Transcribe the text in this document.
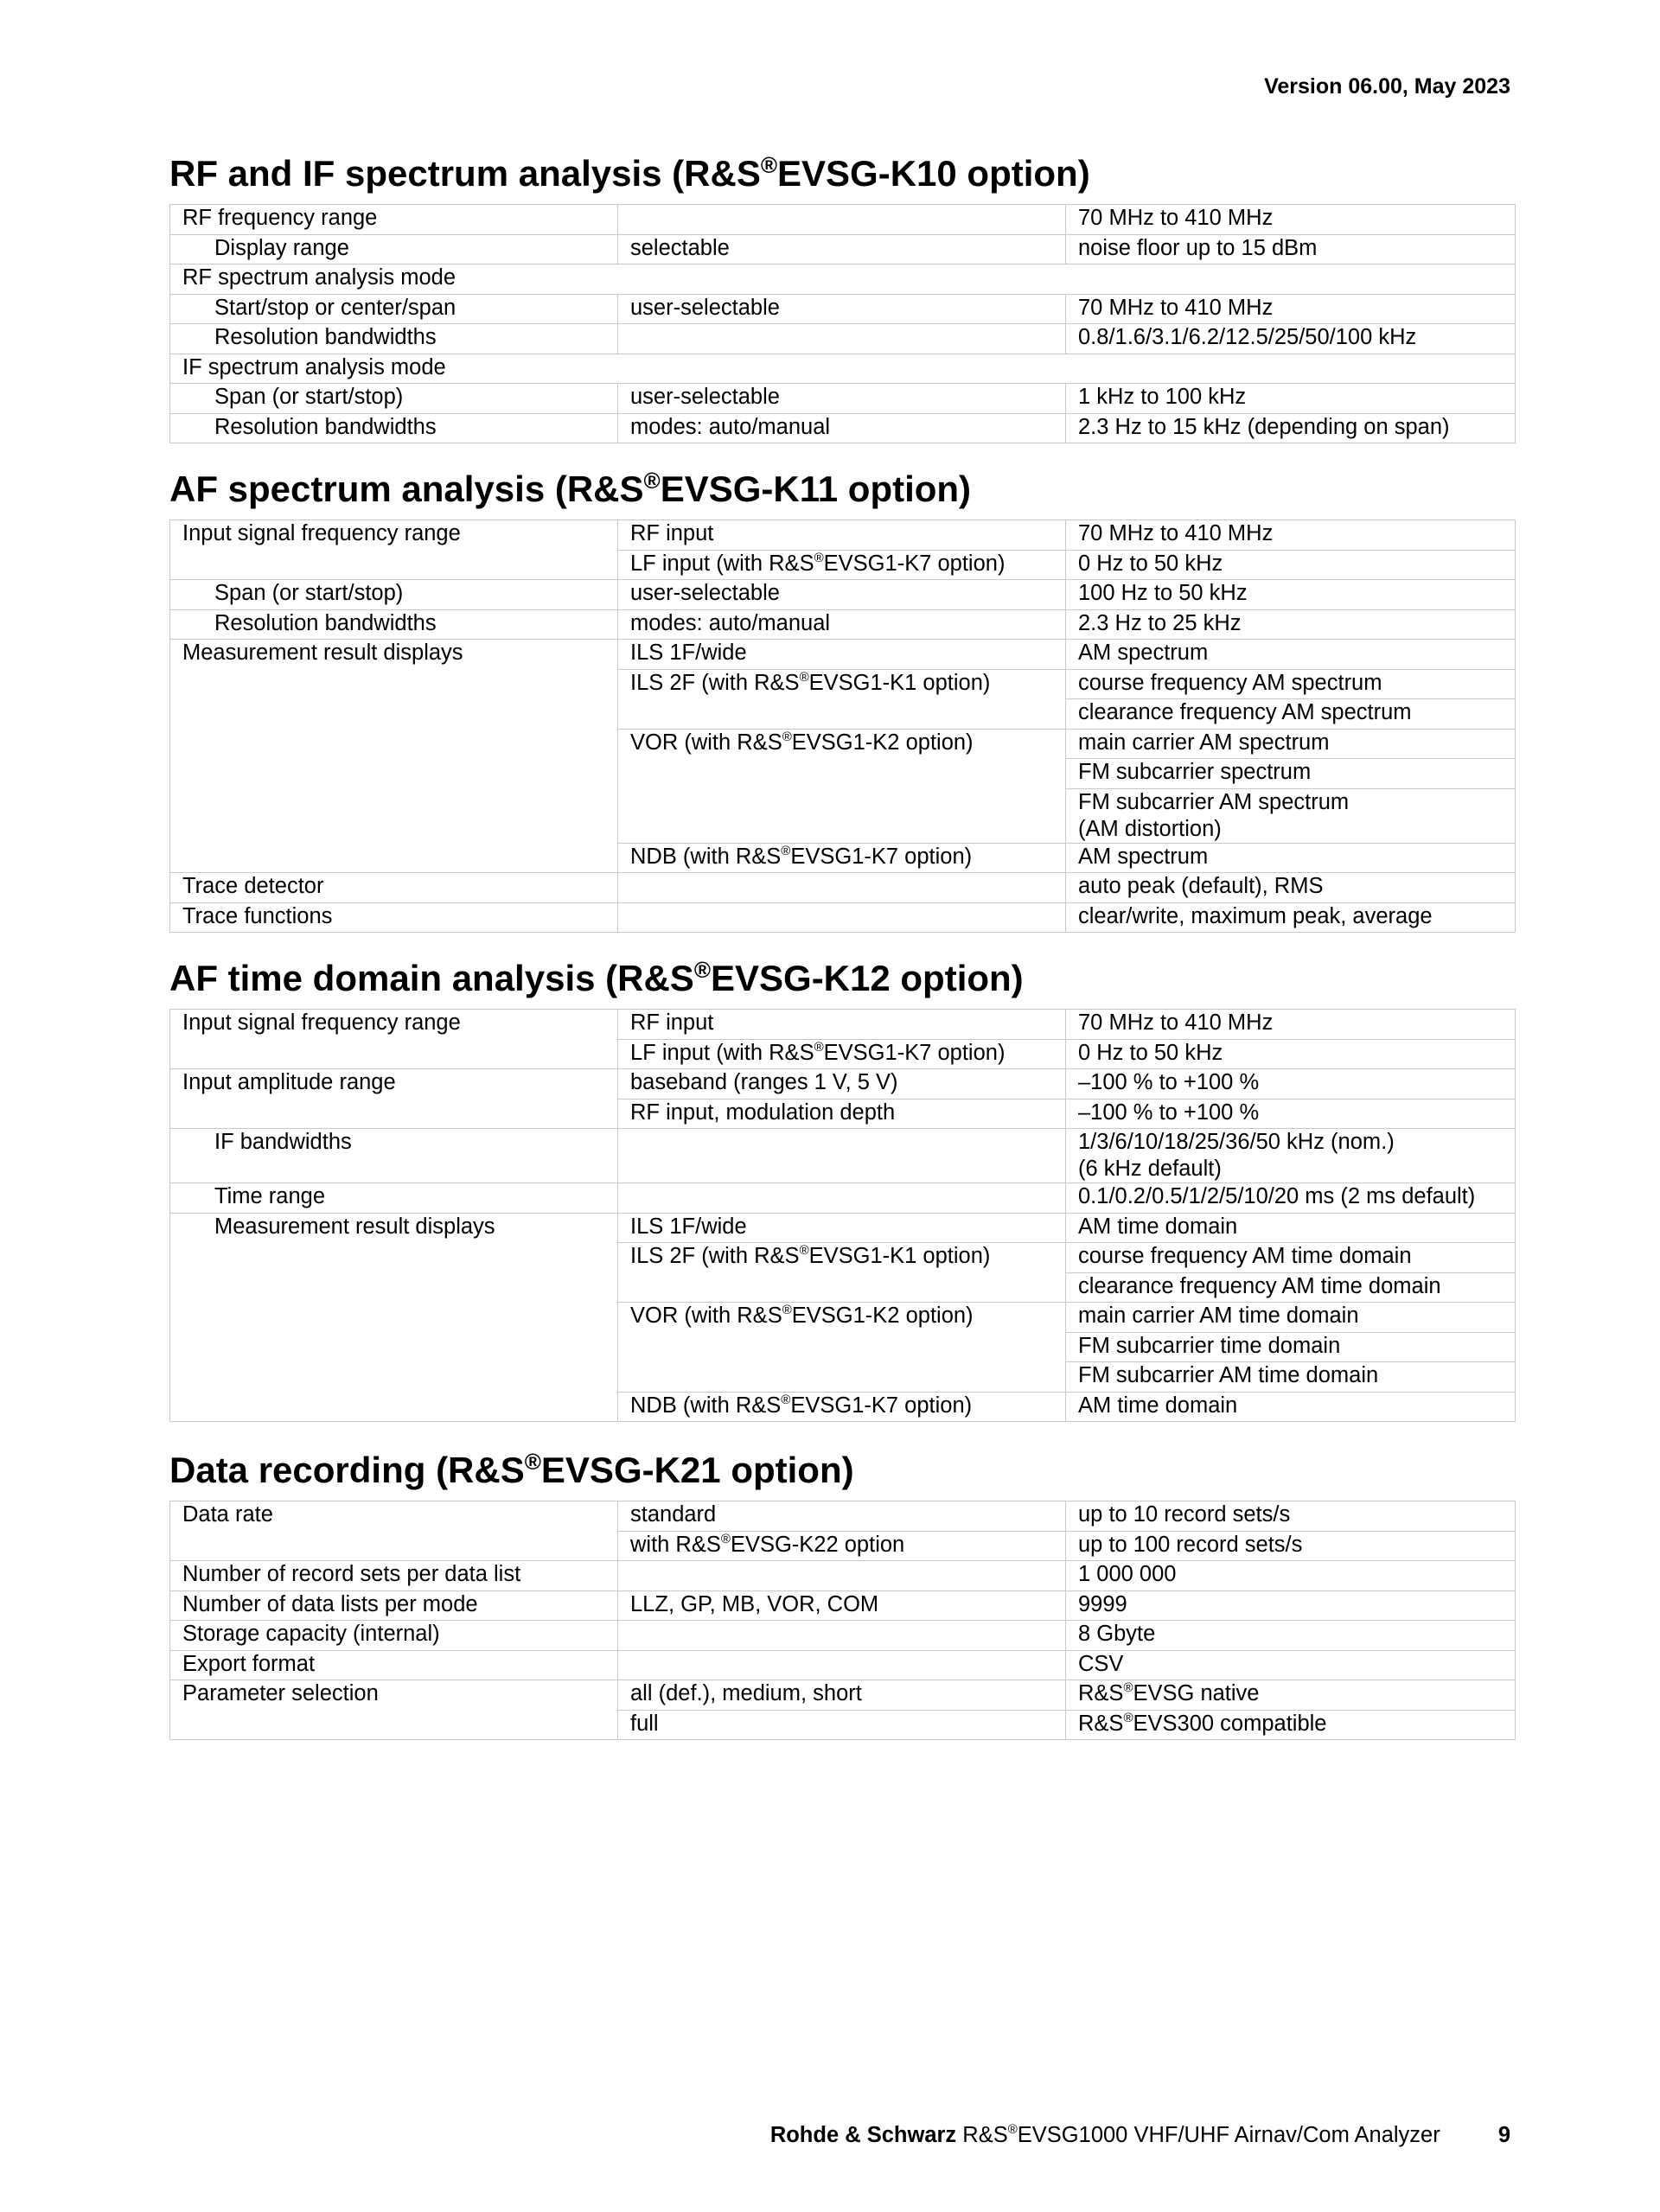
Version 06.00, May 2023
RF and IF spectrum analysis (R&S®EVSG-K10 option)
RF frequency range		70 MHz to 410 MHz
Display range	selectable	noise floor up to 15 dBm
RF spectrum analysis mode		
Start/stop or center/span	user-selectable	70 MHz to 410 MHz
Resolution bandwidths		0.8/1.6/3.1/6.2/12.5/25/50/100 kHz
IF spectrum analysis mode		
Span (or start/stop)	user-selectable	1 kHz to 100 kHz
Resolution bandwidths	modes: auto/manual	2.3 Hz to 15 kHz (depending on span)
AF spectrum analysis (R&S®EVSG-K11 option)
Input signal frequency range	RF input	70 MHz to 410 MHz
	LF input (with R&S®EVSG1-K7 option)	0 Hz to 50 kHz
Span (or start/stop)	user-selectable	100 Hz to 50 kHz
Resolution bandwidths	modes: auto/manual	2.3 Hz to 25 kHz
Measurement result displays	ILS 1F/wide	AM spectrum
	ILS 2F (with R&S®EVSG1-K1 option)	course frequency AM spectrum
		clearance frequency AM spectrum
	VOR (with R&S®EVSG1-K2 option)	main carrier AM spectrum
		FM subcarrier spectrum
		FM subcarrier AM spectrum
(AM distortion)
	NDB (with R&S®EVSG1-K7 option)	AM spectrum
Trace detector		auto peak (default), RMS
Trace functions		clear/write, maximum peak, average
AF time domain analysis (R&S®EVSG-K12 option)
Input signal frequency range	RF input	70 MHz to 410 MHz
	LF input (with R&S®EVSG1-K7 option)	0 Hz to 50 kHz
Input amplitude range	baseband (ranges 1 V, 5 V)	–100 % to +100 %
	RF input, modulation depth	–100 % to +100 %
IF bandwidths		1/3/6/10/18/25/36/50 kHz (nom.)
(6 kHz default)
Time range		0.1/0.2/0.5/1/2/5/10/20 ms (2 ms default)
Measurement result displays	ILS 1F/wide	AM time domain
	ILS 2F (with R&S®EVSG1-K1 option)	course frequency AM time domain
		clearance frequency AM time domain
	VOR (with R&S®EVSG1-K2 option)	main carrier AM time domain
		FM subcarrier time domain
		FM subcarrier AM time domain
	NDB (with R&S®EVSG1-K7 option)	AM time domain
Data recording (R&S®EVSG-K21 option)
Data rate	standard	up to 10 record sets/s
	with R&S®EVSG-K22 option	up to 100 record sets/s
Number of record sets per data list		1 000 000
Number of data lists per mode	LLZ, GP, MB, VOR, COM	9999
Storage capacity (internal)		8 Gbyte
Export format		CSV
Parameter selection	all (def.), medium, short	R&S®EVSG native
	full	R&S®EVS300 compatible
Rohde & Schwarz R&S®EVSG1000 VHF/UHF Airnav/Com Analyzer	9
